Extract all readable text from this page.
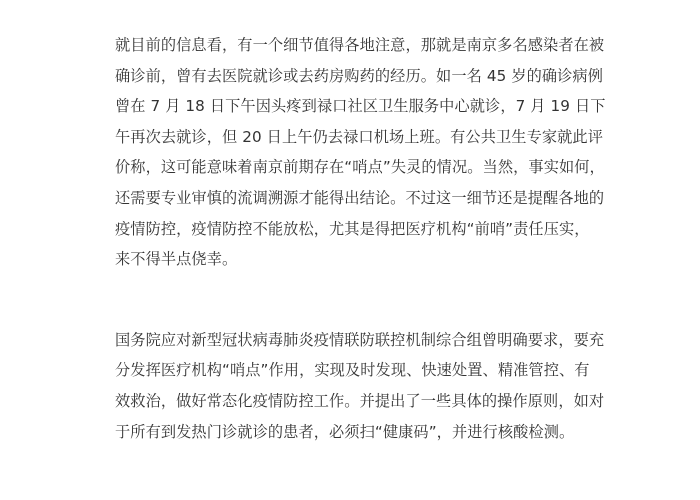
就目前的信息看，有一个细节值得各地注意，那就是南京多名感染者在被
确诊前，曾有去医院就诊或去药房购药的经历。如一名 45 岁的确诊病例
曾在 7 月 18 日下午因头疼到禄口社区卫生服务中心就诊，7 月 19 日下
午再次去就诊，但 20 日上午仍去禄口机场上班。有公共卫生专家就此评
价称，这可能意味着南京前期存在“哨点”失灵的情况。当然，事实如何，
还需要专业审慎的流调溯源才能得出结论。不过这一细节还是提醒各地的
疫情防控，疫情防控不能放松，尤其是得把医疗机构“前哨”责任压实，
来不得半点侥幸。

国务院应对新型冠状病毒肺炎疫情联防联控机制综合组曾明确要求，要充
分发挥医疗机构“哨点”作用，实现及时发现、快速处置、精准管控、有
效救治，做好常态化疫情防控工作。并提出了一些具体的操作原则，如对
于所有到发热门诊就诊的患者，必须扫“健康码”，并进行核酸检测。
